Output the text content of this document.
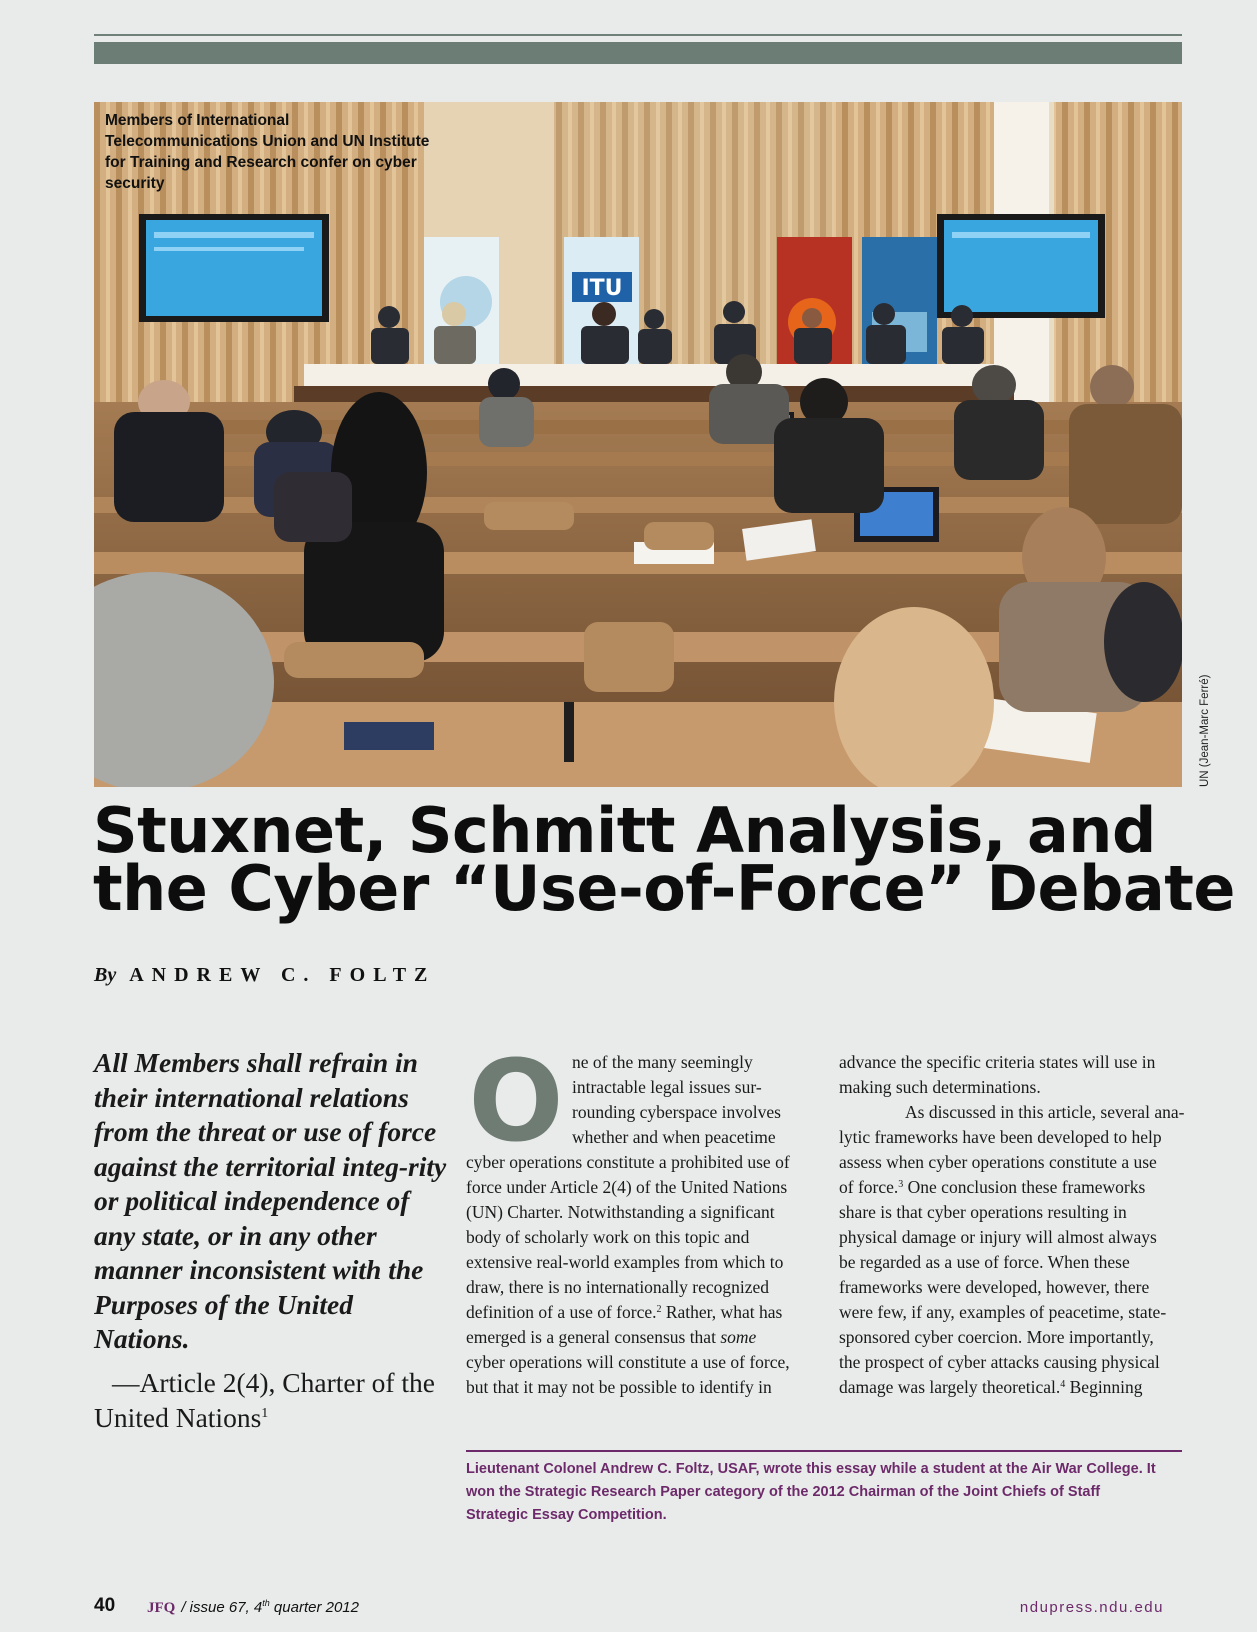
ITU
Members of International Telecommunications Union and UN Institute for Training and Research confer on cyber security
UN (Jean-Marc Ferré)
Stuxnet, Schmitt Analysis, and
the Cyber “Use-of-Force” Debate
By ANDREW C. FOLTZ
All Members shall refrain in their international relations from the threat or use of force against the territorial integ-rity or political independence of any state, or in any other manner inconsistent with the Purposes of the United Nations.
—Article 2(4), Charter of the
United Nations$^1$
O ne of the many seemingly
intractable legal issues sur-
rounding cyberspace involves
whether and when peacetime
cyber operations constitute a prohibited use of
force under Article 2(4) of the United Nations
(UN) Charter. Notwithstanding a significant
body of scholarly work on this topic and
extensive real-world examples from which to
draw, there is no internationally recognized
definition of a use of force.$^2$ Rather, what has
emerged is a general consensus that some
cyber operations will constitute a use of force,
but that it may not be possible to identify in

advance the specific criteria states will use in
making such determinations.
As discussed in this article, several ana-
lytic frameworks have been developed to help
assess when cyber operations constitute a use
of force.$^3$ One conclusion these frameworks
share is that cyber operations resulting in
physical damage or injury will almost always
be regarded as a use of force. When these
frameworks were developed, however, there
were few, if any, examples of peacetime, state-
sponsored cyber coercion. More importantly,
the prospect of cyber attacks causing physical
damage was largely theoretical.$^4$ Beginning

Lieutenant Colonel Andrew C. Foltz, USAF, wrote this essay while a student at the Air War College. It won the Strategic Research Paper category of the 2012 Chairman of the Joint Chiefs of Staff Strategic Essay Competition.
40 JFQ / issue 67, 4th quarter 2012	ndupress.ndu.edu
